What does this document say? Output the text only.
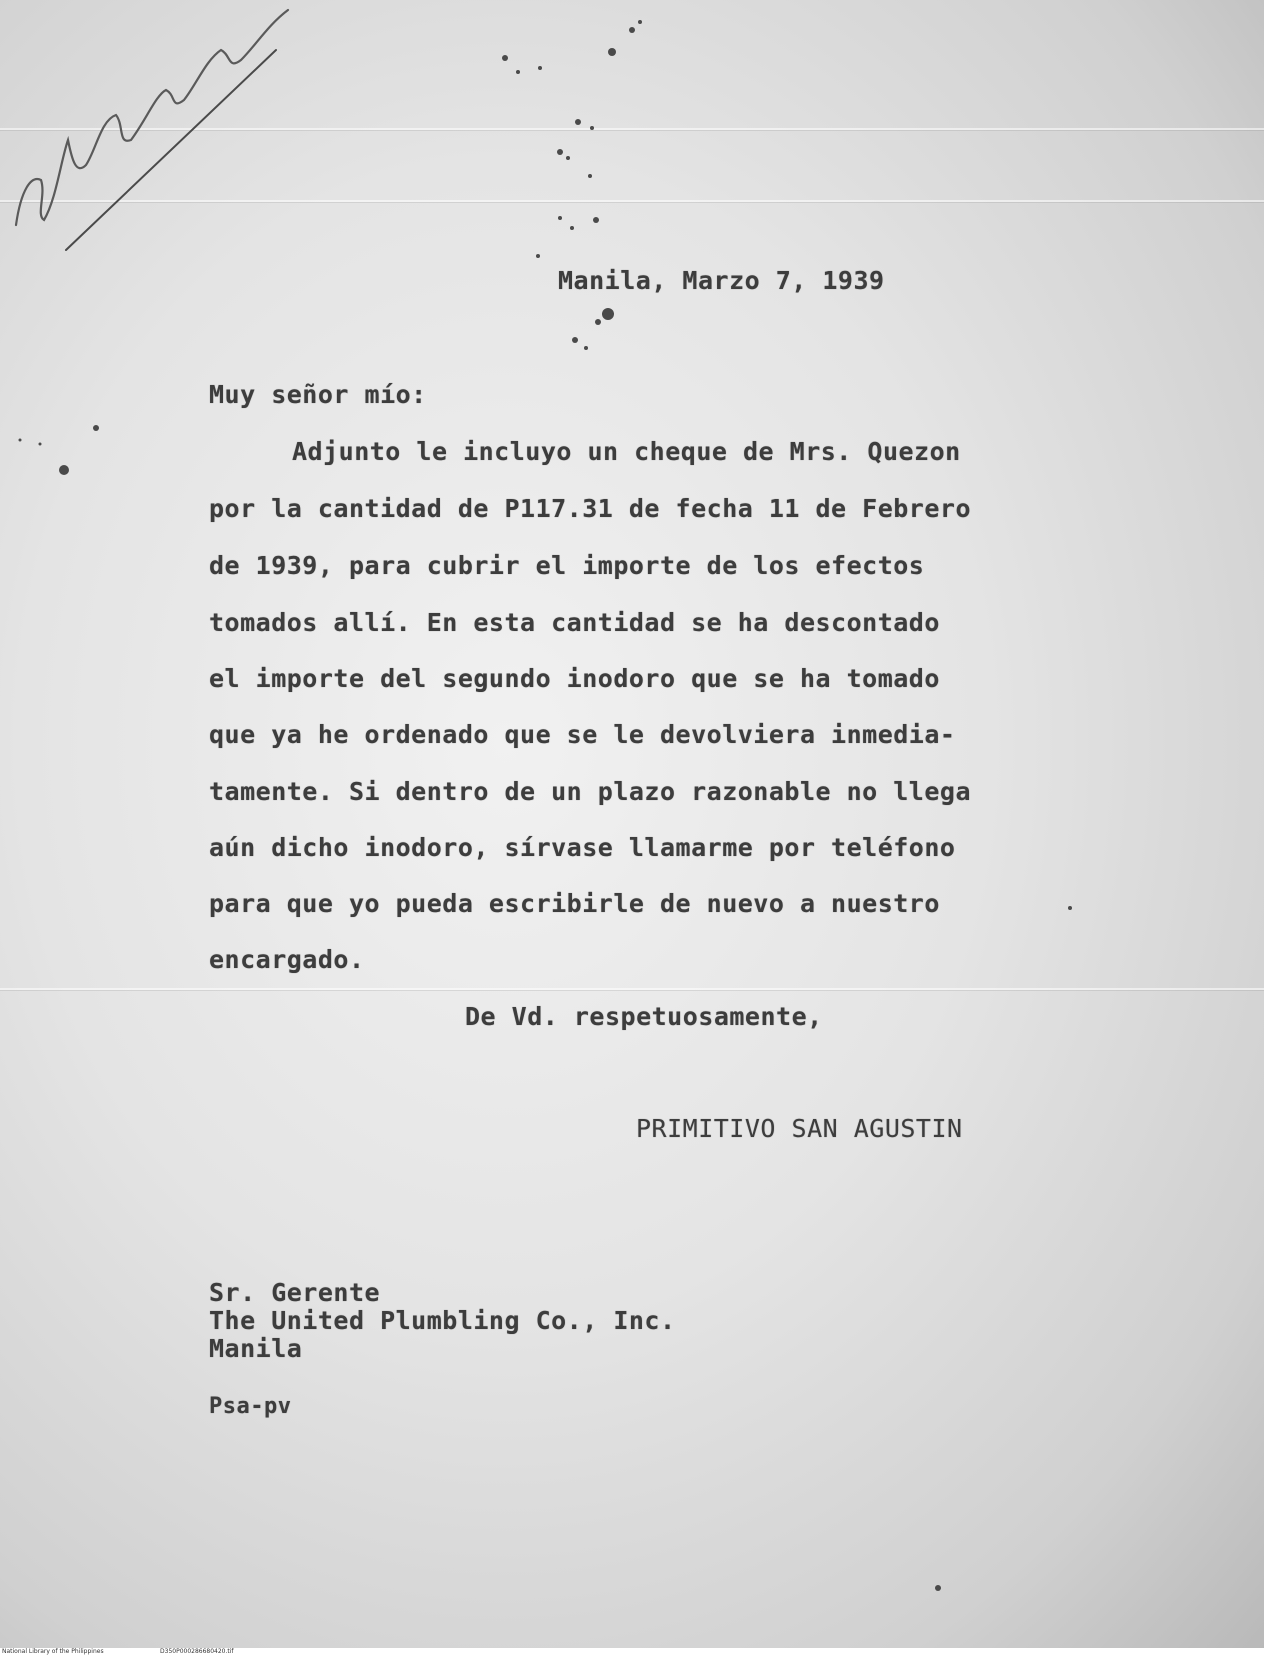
Manila, Marzo 7, 1939
Muy señor mío:
Adjunto le incluyo un cheque de Mrs. Quezon
por la cantidad de P117.31 de fecha 11 de Febrero
de 1939, para cubrir el importe de los efectos
tomados allí. En esta cantidad se ha descontado
el importe del segundo inodoro que se ha tomado
que ya he ordenado que se le devolviera inmedia-
tamente. Si dentro de un plazo razonable no llega
aún dicho inodoro, sírvase llamarme por teléfono
para que yo pueda escribirle de nuevo a nuestro
encargado.
De Vd. respetuosamente,
PRIMITIVO SAN AGUSTIN
Sr. Gerente
The United Plumbling Co., Inc.
Manila
Psa-pv
National Library of the Philippines	D350P000286680420.tif
